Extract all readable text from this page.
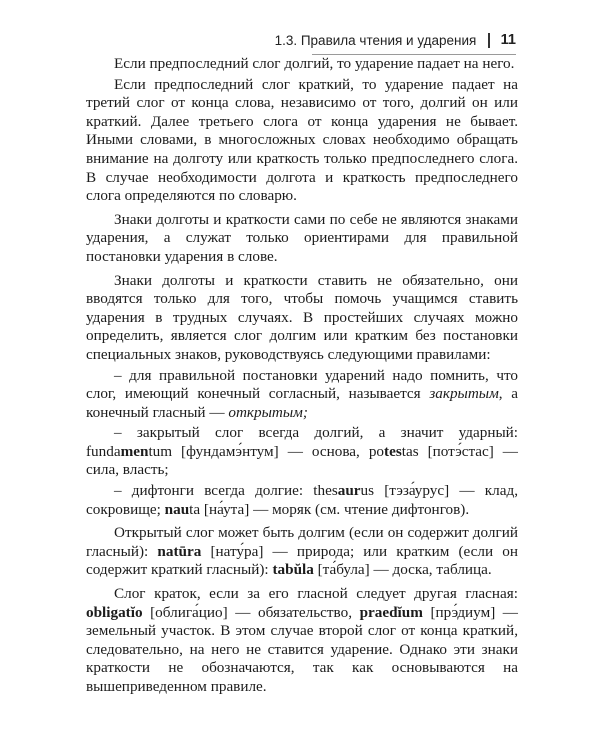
1.3. Правила чтения и ударения 11

Если предпоследний слог долгий, то ударение падает на него.

Если предпоследний слог краткий, то ударение падает на третий слог от конца слова, независимо от того, долгий он или краткий. Далее третьего слога от конца ударения не бывает. Иными словами, в многосложных словах необходимо обращать внимание на долготу или краткость только предпоследнего слога. В случае необходимости долгота и краткость предпоследнего слога определяются по словарю.

Знаки долготы и краткости сами по себе не являются знаками ударения, а служат только ориентирами для правильной постановки ударения в слове.

Знаки долготы и краткости ставить не обязательно, они вводятся только для того, чтобы помочь учащимся ставить ударения в трудных случаях. В простейших случаях можно определить, является слог долгим или кратким без постановки специальных знаков, руководствуясь следующими правилами:

– для правильной постановки ударений надо помнить, что слог, имеющий конечный согласный, называется закрытым, а конечный гласный — открытым;

– закрытый слог всегда долгий, а значит ударный: fundamentum [фундамэ́нтум] — основа, potestas [потэ́стас] — сила, власть;

– дифтонги всегда долгие: thesaurus [тэза́урус] — клад, сокровище; nauta [на́ута] — моряк (см. чтение дифтонгов).

Открытый слог может быть долгим (если он содержит долгий гласный): natūra [нату́ра] — природа; или кратким (если он содержит краткий гласный): tabŭla [та́була] — доска, таблица.

Слог краток, если за его гласной следует другая гласная: obligatĭo [облига́цио] — обязательство, praedĭum [прэ́диум] — земельный участок. В этом случае второй слог от конца краткий, следовательно, на него не ставится ударение. Однако эти знаки краткости не обозначаются, так как основываются на вышеприведенном правиле.
